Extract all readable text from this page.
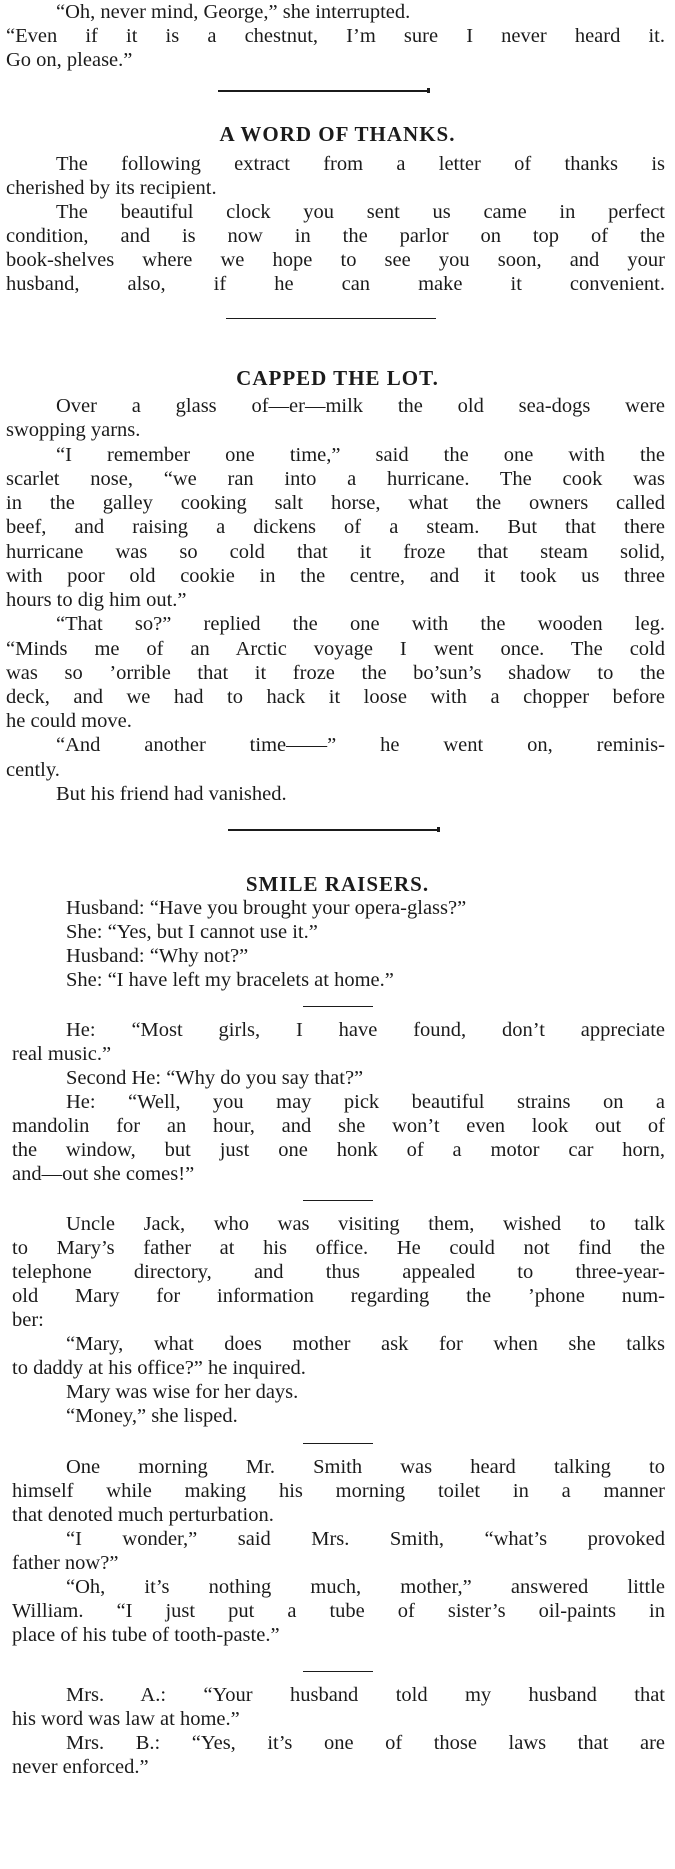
“Oh, never mind, George,” she interrupted.

“Even if it is a chestnut, I’m sure I never heard it.

Go on, please.”

A WORD OF THANKS.

The following extract from a letter of thanks is

cherished by its recipient.

The beautiful clock you sent us came in perfect

condition, and is now in the parlor on top of the

book-shelves where we hope to see you soon, and your

husband, also, if he can make it convenient.

CAPPED THE LOT.

Over a glass of—er—milk the old sea-dogs were

swopping yarns.

“I remember one time,” said the one with the

scarlet nose, “we ran into a hurricane. The cook was

in the galley cooking salt horse, what the owners called

beef, and raising a dickens of a steam. But that there

hurricane was so cold that it froze that steam solid,

with poor old cookie in the centre, and it took us three

hours to dig him out.”

“That so?” replied the one with the wooden leg.

“Minds me of an Arctic voyage I went once. The cold

was so ’orrible that it froze the bo’sun’s shadow to the

deck, and we had to hack it loose with a chopper before

he could move.

“And another time——” he went on, reminis-

cently.

But his friend had vanished.

SMILE RAISERS.

Husband: “Have you brought your opera-glass?”

She: “Yes, but I cannot use it.”

Husband: “Why not?”

She: “I have left my bracelets at home.”

He: “Most girls, I have found, don’t appreciate

real music.”

Second He: “Why do you say that?”

He: “Well, you may pick beautiful strains on a

mandolin for an hour, and she won’t even look out of

the window, but just one honk of a motor car horn,

and—out she comes!”

Uncle Jack, who was visiting them, wished to talk

to Mary’s father at his office. He could not find the

telephone directory, and thus appealed to three-year-

old Mary for information regarding the ’phone num-

ber:

“Mary, what does mother ask for when she talks

to daddy at his office?” he inquired.

Mary was wise for her days.

“Money,” she lisped.

One morning Mr. Smith was heard talking to

himself while making his morning toilet in a manner

that denoted much perturbation.

“I wonder,” said Mrs. Smith, “what’s provoked

father now?”

“Oh, it’s nothing much, mother,” answered little

William. “I just put a tube of sister’s oil-paints in

place of his tube of tooth-paste.”

Mrs. A.: “Your husband told my husband that

his word was law at home.”

Mrs. B.: “Yes, it’s one of those laws that are

never enforced.”
